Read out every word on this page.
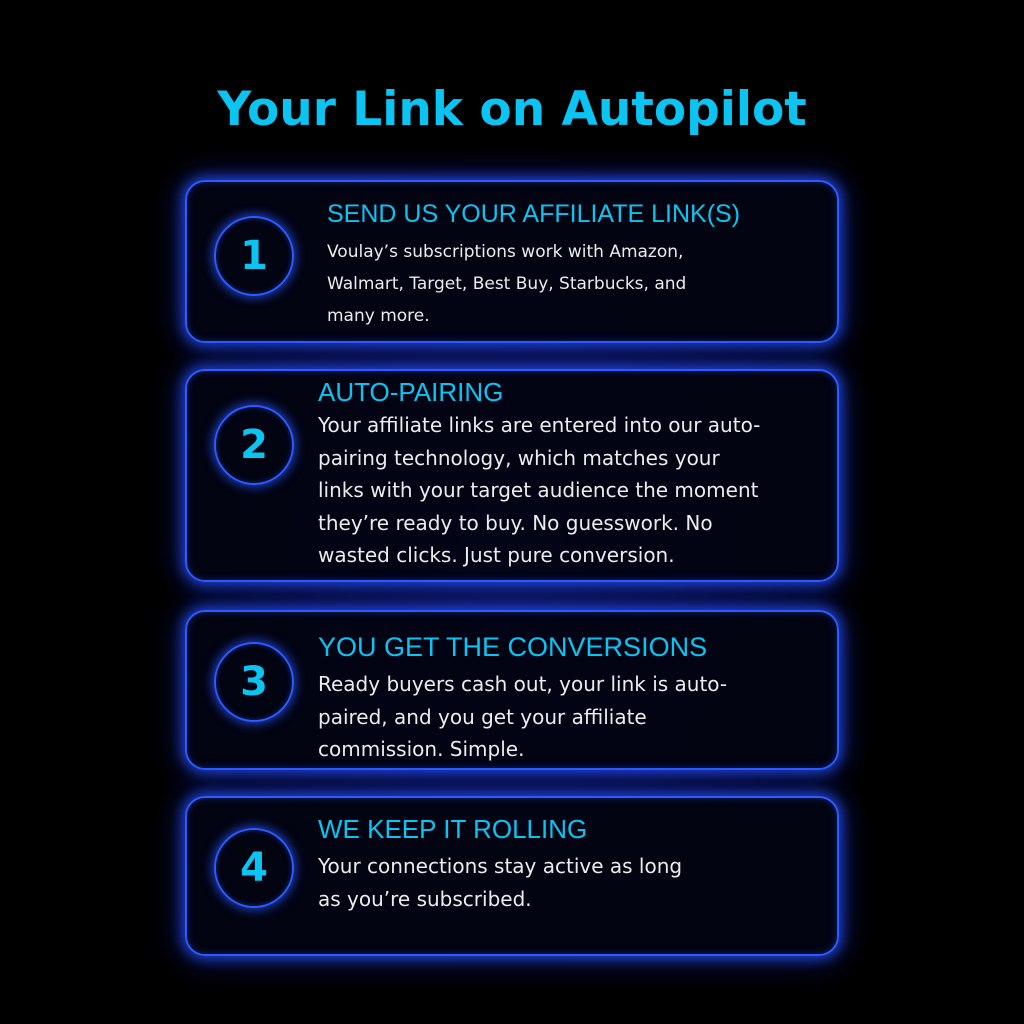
Your Link on Autopilot
1
SEND US YOUR AFFILIATE LINK(S)
Voulay’s subscriptions work with Amazon,
Walmart, Target, Best Buy, Starbucks, and
many more.
2
AUTO-PAIRING
Your affiliate links are entered into our auto-
pairing technology, which matches your
links with your target audience the moment
they’re ready to buy. No guesswork. No
wasted clicks. Just pure conversion.
3
YOU GET THE CONVERSIONS
Ready buyers cash out, your link is auto-
paired, and you get your affiliate
commission. Simple.
4
WE KEEP IT ROLLING
Your connections stay active as long
as you’re subscribed.
